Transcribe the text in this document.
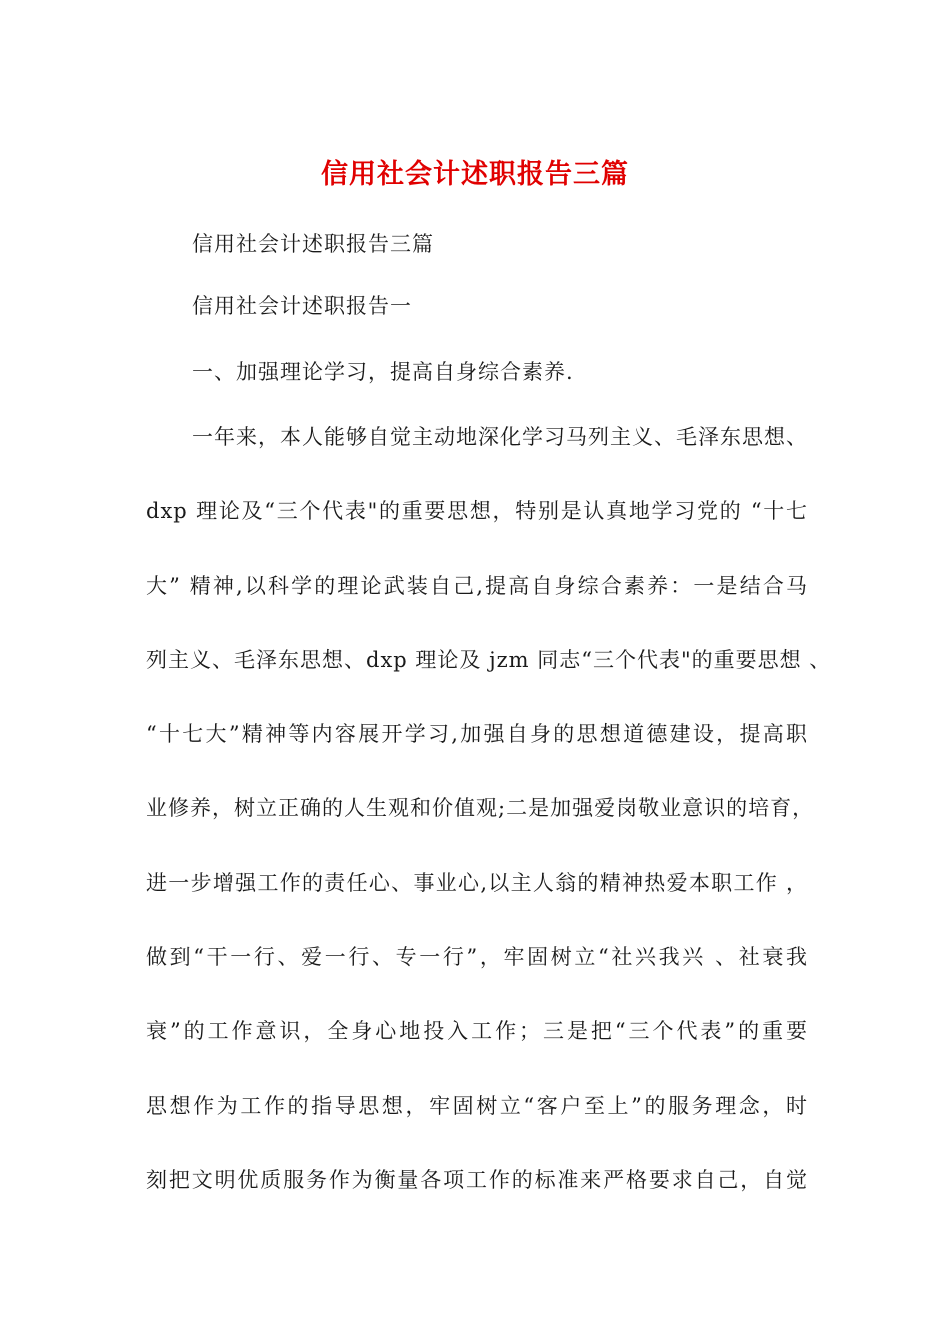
信用社会计述职报告三篇
信用社会计述职报告三篇
信用社会计述职报告一
一、加强理论学习，提高自身综合素养.
一年来，本人能够自觉主动地深化学习马列主义、毛泽东思想、
dxp 理论及“三个代表"的重要思想，特别是认真地学习党的 “十七
大” 精神,以科学的理论武装自己,提高自身综合素养：一是结合马
列主义、毛泽东思想、dxp 理论及 jzm 同志“三个代表"的重要思想 、
“十七大”精神等内容展开学习,加强自身的思想道德建设，提高职
业修养，树立正确的人生观和价值观;二是加强爱岗敬业意识的培育，
进一步增强工作的责任心、事业心,以主人翁的精神热爱本职工作 ，
做到“干一行、爱一行、专一行”，牢固树立“社兴我兴 、社衰我
衰”的工作意识，全身心地投入工作；三是把“三个代表”的重要
思想作为工作的指导思想，牢固树立“客户至上”的服务理念，时
刻把文明优质服务作为衡量各项工作的标准来严格要求自己，自觉
